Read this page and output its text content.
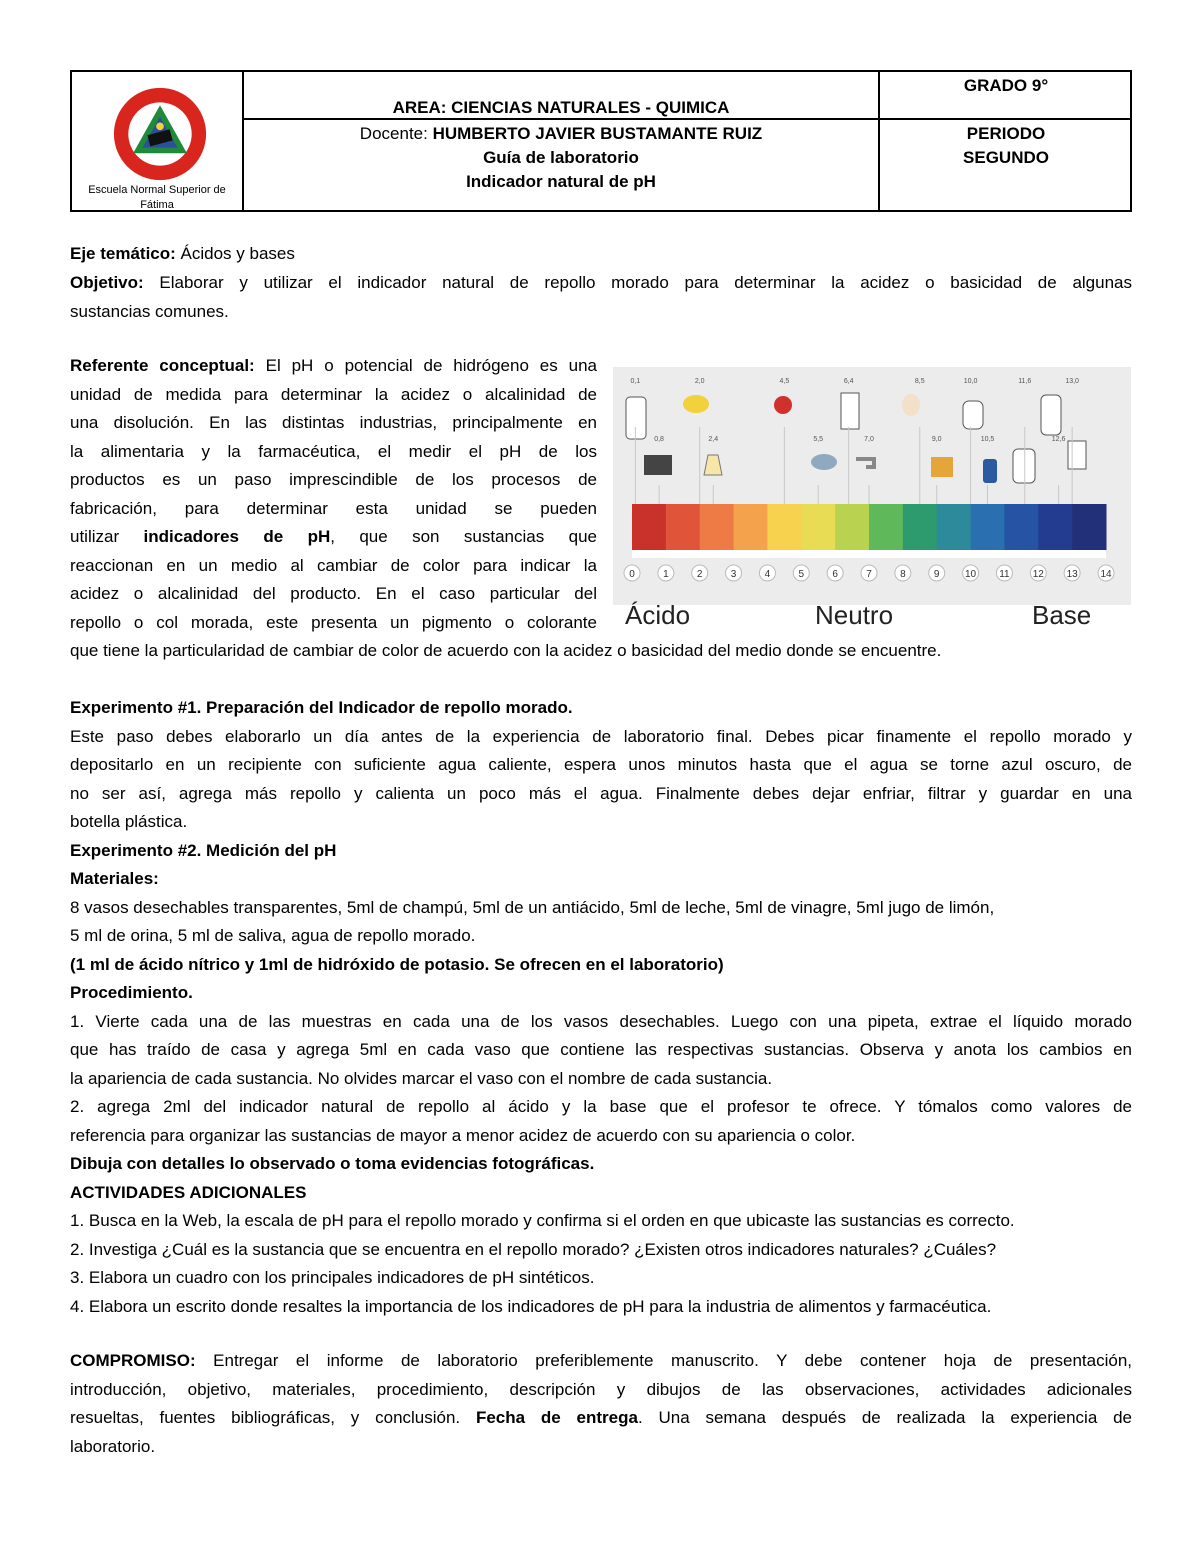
Escuela Normal Superior de Fátima
AREA: CIENCIAS NATURALES - QUIMICA
Docente: HUMBERTO JAVIER BUSTAMANTE RUIZ
Guía de laboratorio
Indicador natural de pH
GRADO 9°
PERIODO
SEGUNDO

Eje temático: Ácidos y bases

Objetivo: Elaborar y utilizar el indicador natural de repollo morado para determinar la acidez o basicidad de algunas

sustancias comunes.

Referente conceptual: El pH o potencial de hidrógeno es una

unidad de medida para determinar la acidez o alcalinidad de

una disolución. En las distintas industrias, principalmente en

la alimentaria y la farmacéutica, el medir el pH de los

productos es un paso imprescindible de los procesos de

fabricación, para determinar esta unidad se pueden

utilizar indicadores de pH, que son sustancias que

reaccionan en un medio al cambiar de color para indicar la

acidez o alcalinidad del producto. En el caso particular del

repollo o col morada, este presenta un pigmento o colorante

que tiene la particularidad de cambiar de color de acuerdo con la acidez o basicidad del medio donde se encuentre.

0,1
0,8
2,0
2,4
4,5
5,5
6,4
7,0
8,5
9,0
10,0
10,5
11,6
12,6
13,0
0	1	2	3	4	5	6	7	8	9	10 11 12 13 14
Ácido	Neutro	Base

Experimento #1. Preparación del Indicador de repollo morado.

Este paso debes elaborarlo un día antes de la experiencia de laboratorio final. Debes picar finamente el repollo morado y

depositarlo en un recipiente con suficiente agua caliente, espera unos minutos hasta que el agua se torne azul oscuro, de

no ser así, agrega más repollo y calienta un poco más el agua. Finalmente debes dejar enfriar, filtrar y guardar en una

botella plástica.

Experimento #2. Medición del pH

Materiales:

8 vasos desechables transparentes, 5ml de champú, 5ml de un antiácido, 5ml de leche, 5ml de vinagre, 5ml jugo de limón,

5 ml de orina, 5 ml de saliva, agua de repollo morado.

(1 ml de ácido nítrico y 1ml de hidróxido de potasio. Se ofrecen en el laboratorio)

Procedimiento.

1. Vierte cada una de las muestras en cada una de los vasos desechables. Luego con una pipeta, extrae el líquido morado

que has traído de casa y agrega 5ml en cada vaso que contiene las respectivas sustancias. Observa y anota los cambios en

la apariencia de cada sustancia. No olvides marcar el vaso con el nombre de cada sustancia.

2. agrega 2ml del indicador natural de repollo al ácido y la base que el profesor te ofrece. Y tómalos como valores de

referencia para organizar las sustancias de mayor a menor acidez de acuerdo con su apariencia o color.

Dibuja con detalles lo observado o toma evidencias fotográficas.

ACTIVIDADES ADICIONALES

1. Busca en la Web, la escala de pH para el repollo morado y confirma si el orden en que ubicaste las sustancias es correcto.

2. Investiga ¿Cuál es la sustancia que se encuentra en el repollo morado? ¿Existen otros indicadores naturales? ¿Cuáles?

3. Elabora un cuadro con los principales indicadores de pH sintéticos.

4. Elabora un escrito donde resaltes la importancia de los indicadores de pH para la industria de alimentos y farmacéutica.

COMPROMISO: Entregar el informe de laboratorio preferiblemente manuscrito. Y debe contener hoja de presentación,

introducción, objetivo, materiales, procedimiento, descripción y dibujos de las observaciones, actividades adicionales

resueltas, fuentes bibliográficas, y conclusión. Fecha de entrega. Una semana después de realizada la experiencia de

laboratorio.
